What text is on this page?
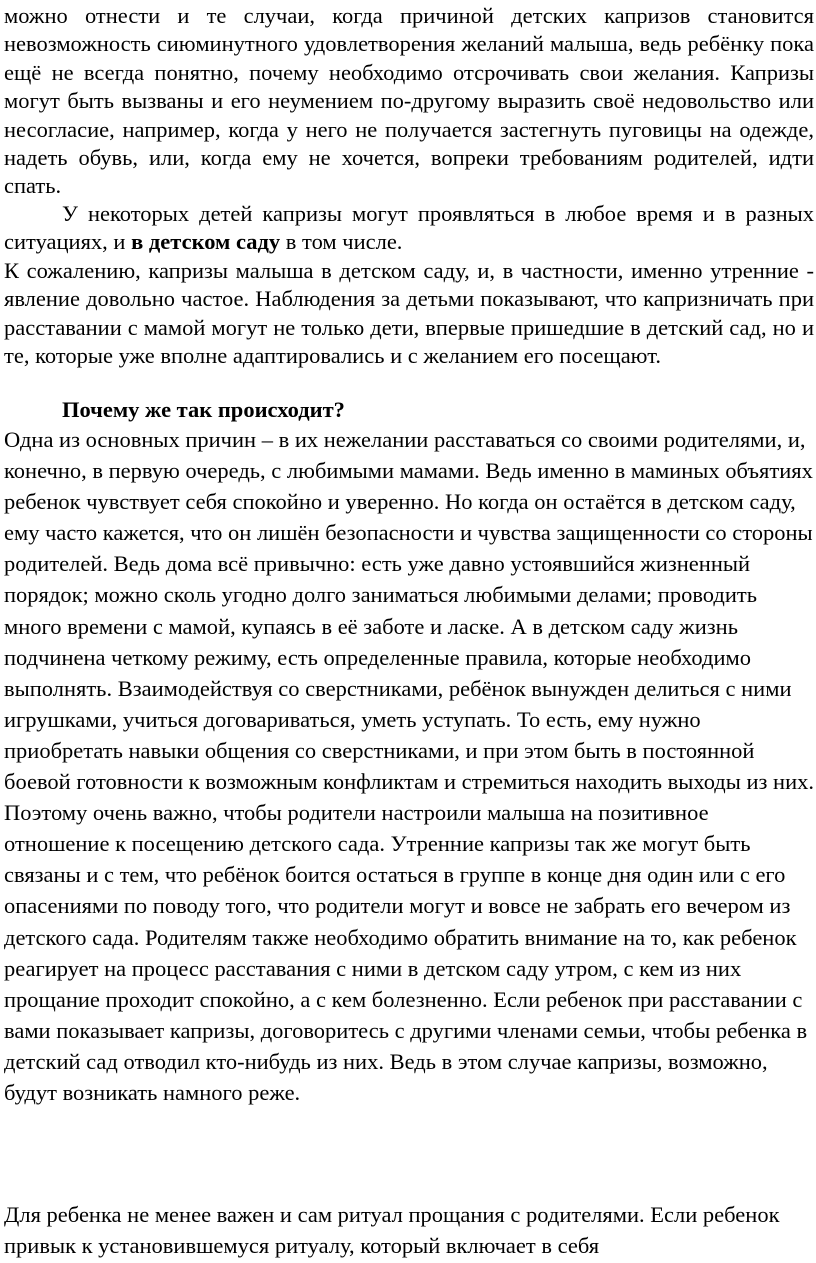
можно отнести и те случаи, когда причиной детских капризов становится невозможность сиюминутного удовлетворения желаний малыша, ведь ребёнку пока ещё не всегда понятно, почему необходимо отсрочивать свои желания. Капризы могут быть вызваны и его неумением по-другому выразить своё недовольство или несогласие, например, когда у него не получается застегнуть пуговицы на одежде, надеть обувь, или, когда ему не хочется, вопреки требованиям родителей, идти спать.

У некоторых детей капризы могут проявляться в любое время и в разных ситуациях, и в детском саду в том числе.
К сожалению, капризы малыша в детском саду, и, в частности, именно утренние - явление довольно частое. Наблюдения за детьми показывают, что капризничать при расставании с мамой могут не только дети, впервые пришедшие в детский сад, но и те, которые уже вполне адаптировались и с желанием его посещают.
Почему же так происходит?
Одна из основных причин – в их нежелании расставаться со своими родителями, и, конечно, в первую очередь, с любимыми мамами. Ведь именно в маминых объятиях ребенок чувствует себя спокойно и уверенно. Но когда он остаётся в детском саду, ему часто кажется, что он лишён безопасности и чувства защищенности со стороны родителей. Ведь дома всё привычно: есть уже давно устоявшийся жизненный порядок; можно сколь угодно долго заниматься любимыми делами; проводить много времени с мамой, купаясь в её заботе и ласке. А в детском саду жизнь подчинена четкому режиму, есть определенные правила, которые необходимо выполнять. Взаимодействуя со сверстниками, ребёнок вынужден делиться с ними игрушками, учиться договариваться, уметь уступать. То есть, ему нужно приобретать навыки общения со сверстниками, и при этом быть в постоянной боевой готовности к возможным конфликтам и стремиться находить выходы из них. Поэтому очень важно, чтобы родители настроили малыша на позитивное отношение к посещению детского сада. Утренние капризы так же могут быть связаны и с тем, что ребёнок боится остаться в группе в конце дня один или с его опасениями по поводу того, что родители могут и вовсе не забрать его вечером из детского сада. Родителям также необходимо обратить внимание на то, как ребенок реагирует на процесс расставания с ними в детском саду утром, с кем из них прощание проходит спокойно, а с кем болезненно. Если ребенок при расставании с вами показывает капризы, договоритесь с другими членами семьи, чтобы ребенка в детский сад отводил кто-нибудь из них. Ведь в этом случае капризы, возможно, будут возникать намного реже.
Для ребенка не менее важен и сам ритуал прощания с родителями. Если ребенок привык к установившемуся ритуалу, который включает в себя
